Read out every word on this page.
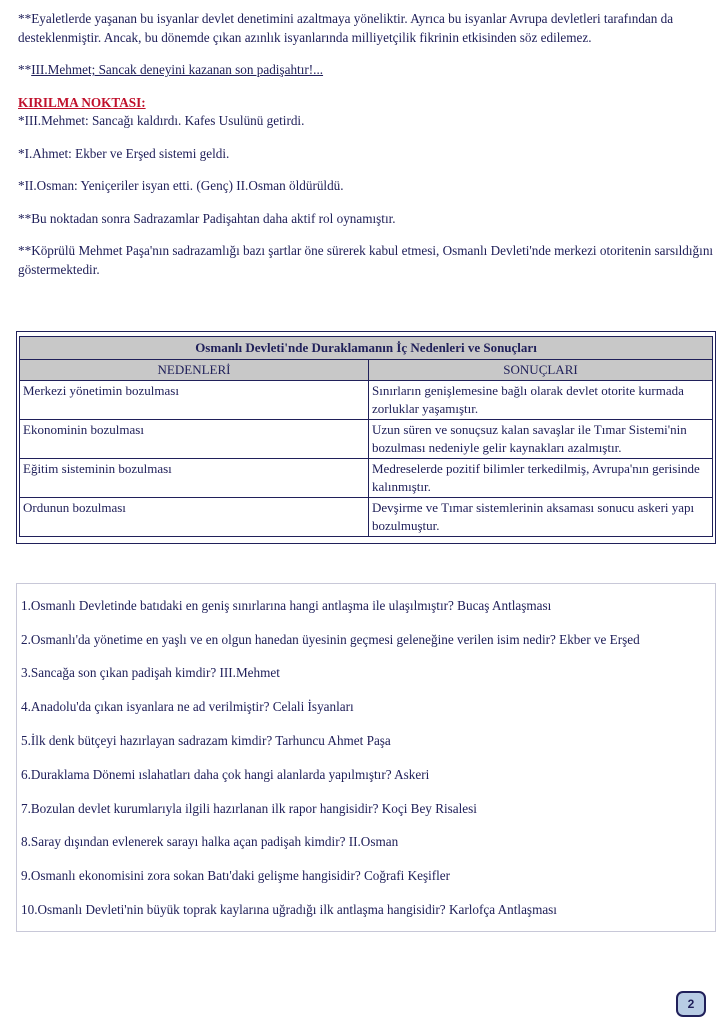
**Eyaletlerde yaşanan bu isyanlar devlet denetimini azaltmaya yöneliktir. Ayrıca bu isyanlar Avrupa devletleri tarafından da desteklenmiştir. Ancak, bu dönemde çıkan azınlık isyanlarında milliyetçilik fikrinin etkisinden söz edilemez.

**III.Mehmet; Sancak deneyini kazanan son padişahtır!...

KIRILMA NOKTASI:
*III.Mehmet: Sancağı kaldırdı. Kafes Usulünü getirdi.

*I.Ahmet: Ekber ve Erşed sistemi geldi.

*II.Osman: Yeniçeriler isyan etti. (Genç) II.Osman öldürüldü.

**Bu noktadan sonra Sadrazamlar Padişahtan daha aktif rol oynamıştır.

**Köprülü Mehmet Paşa'nın sadrazamlığı bazı şartlar öne sürerek kabul etmesi, Osmanlı Devleti'nde merkezi otoritenin sarsıldığını göstermektedir.

Osmanlı Devleti'nde Duraklamanın İç Nedenleri ve Sonuçları	
NEDENLERİ	SONUÇLARI
Merkezi yönetimin bozulması	Sınırların genişlemesine bağlı olarak devlet otorite kurmada zorluklar yaşamıştır.
Ekonominin bozulması	Uzun süren ve sonuçsuz kalan savaşlar ile Tımar Sistemi'nin bozulması nedeniyle gelir kaynakları azalmıştır.
Eğitim sisteminin bozulması	Medreselerde pozitif bilimler terkedilmiş, Avrupa'nın gerisinde kalınmıştır.
Ordunun bozulması	Devşirme ve Tımar sistemlerinin aksaması sonucu askeri yapı bozulmuştur.
1.Osmanlı Devletinde batıdaki en geniş sınırlarına hangi antlaşma ile ulaşılmıştır? Bucaş Antlaşması
2.Osmanlı'da yönetime en yaşlı ve en olgun hanedan üyesinin geçmesi geleneğine verilen isim nedir? Ekber ve Erşed
3.Sancağa son çıkan padişah kimdir? III.Mehmet
4.Anadolu'da çıkan isyanlara ne ad verilmiştir? Celali İsyanları
5.İlk denk bütçeyi hazırlayan sadrazam kimdir? Tarhuncu Ahmet Paşa
6.Duraklama Dönemi ıslahatları daha çok hangi alanlarda yapılmıştır? Askeri
7.Bozulan devlet kurumlarıyla ilgili hazırlanan ilk rapor hangisidir? Koçi Bey Risalesi
8.Saray dışından evlenerek sarayı halka açan padişah kimdir? II.Osman
9.Osmanlı ekonomisini zora sokan Batı'daki gelişme hangisidir? Coğrafi Keşifler
10.Osmanlı Devleti'nin büyük toprak kaylarına uğradığı ilk antlaşma hangisidir? Karlofça Antlaşması
2
